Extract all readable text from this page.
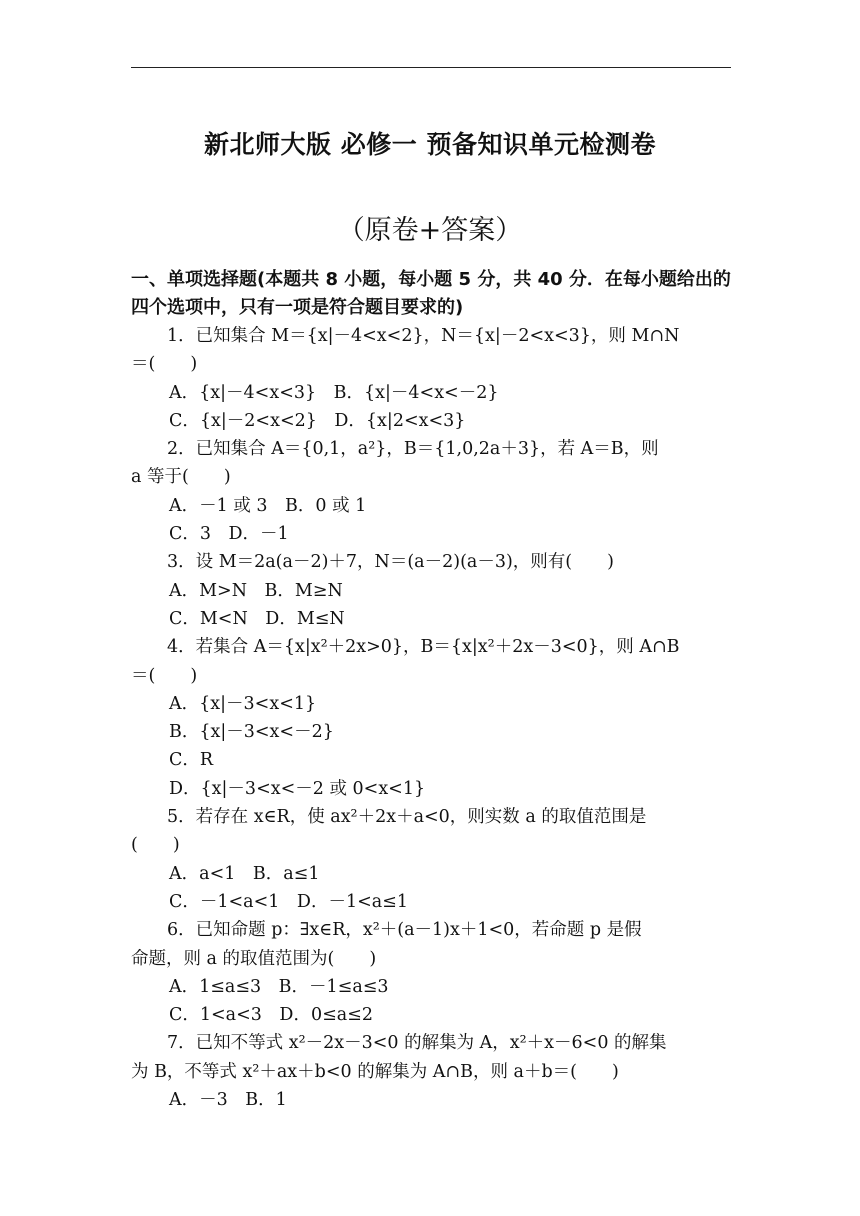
新北师大版 必修一 预备知识单元检测卷
（原卷+答案）
一、单项选择题(本题共 8 小题，每小题 5 分，共 40 分．在每小题给出的四个选项中，只有一项是符合题目要求的)

1．已知集合 M＝{x|－4<x<2}，N＝{x|－2<x<3}，则 M∩N

＝(　　)

A．{x|－4<x<3}　B．{x|－4<x<－2}

C．{x|－2<x<2}　D．{x|2<x<3}

2．已知集合 A＝{0,1，a²}，B＝{1,0,2a＋3}，若 A＝B，则

a 等于(　　)

A．－1 或 3　B．0 或 1

C．3　D．－1

3．设 M＝2a(a－2)＋7，N＝(a－2)(a－3)，则有(　　)

A．M>N　B．M≥N

C．M<N　D．M≤N

4．若集合 A＝{x|x²＋2x>0}，B＝{x|x²＋2x－3<0}，则 A∩B

＝(　　)

A．{x|－3<x<1}

B．{x|－3<x<－2}

C．R

D．{x|－3<x<－2 或 0<x<1}

5．若存在 x∈R，使 ax²＋2x＋a<0，则实数 a 的取值范围是

(　　)

A．a<1　B．a≤1

C．－1<a<1　D．－1<a≤1

6．已知命题 p：∃x∈R，x²＋(a－1)x＋1<0，若命题 p 是假

命题，则 a 的取值范围为(　　)

A．1≤a≤3　B．－1≤a≤3

C．1<a<3　D．0≤a≤2

7．已知不等式 x²－2x－3<0 的解集为 A，x²＋x－6<0 的解集

为 B，不等式 x²＋ax＋b<0 的解集为 A∩B，则 a＋b＝(　　)

A．－3　B．1
